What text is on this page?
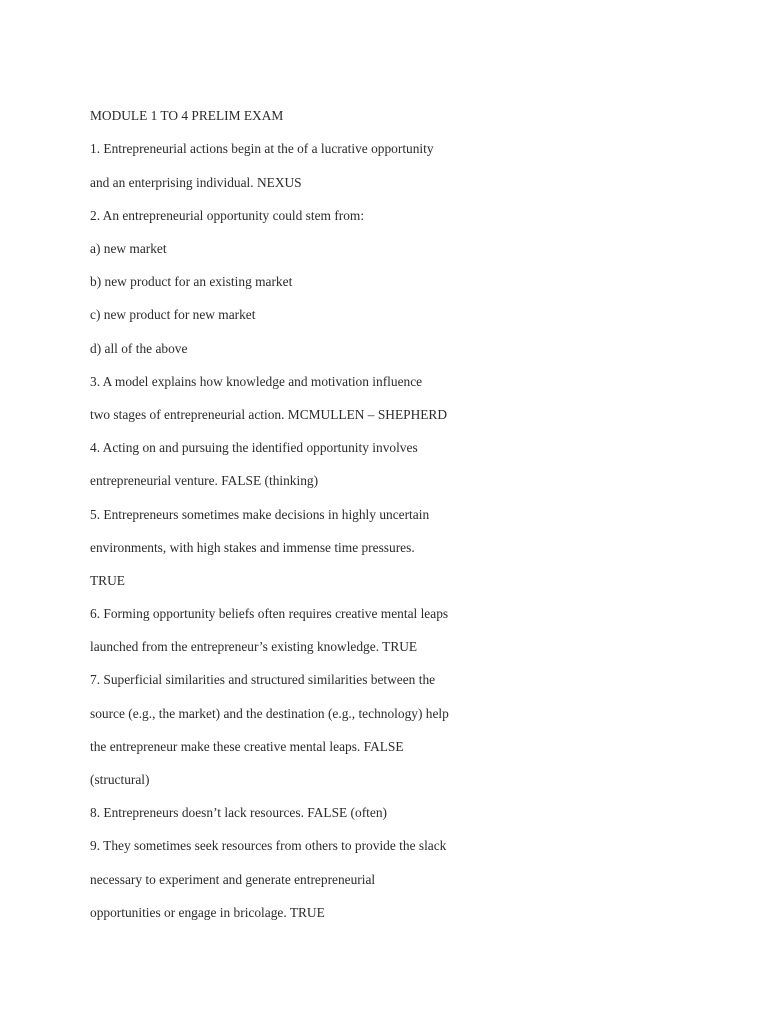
MODULE 1 TO 4 PRELIM EXAM
1. Entrepreneurial actions begin at the of a lucrative opportunity
and an enterprising individual. NEXUS
2. An entrepreneurial opportunity could stem from:
a) new market
b) new product for an existing market
c) new product for new market
d) all of the above
3. A model explains how knowledge and motivation influence
two stages of entrepreneurial action. MCMULLEN – SHEPHERD
4. Acting on and pursuing the identified opportunity involves
entrepreneurial venture. FALSE (thinking)
5. Entrepreneurs sometimes make decisions in highly uncertain
environments, with high stakes and immense time pressures.
TRUE
6. Forming opportunity beliefs often requires creative mental leaps
launched from the entrepreneur’s existing knowledge. TRUE
7. Superficial similarities and structured similarities between the
source (e.g., the market) and the destination (e.g., technology) help
the entrepreneur make these creative mental leaps. FALSE
(structural)
8. Entrepreneurs doesn’t lack resources. FALSE (often)
9. They sometimes seek resources from others to provide the slack
necessary to experiment and generate entrepreneurial
opportunities or engage in bricolage. TRUE
